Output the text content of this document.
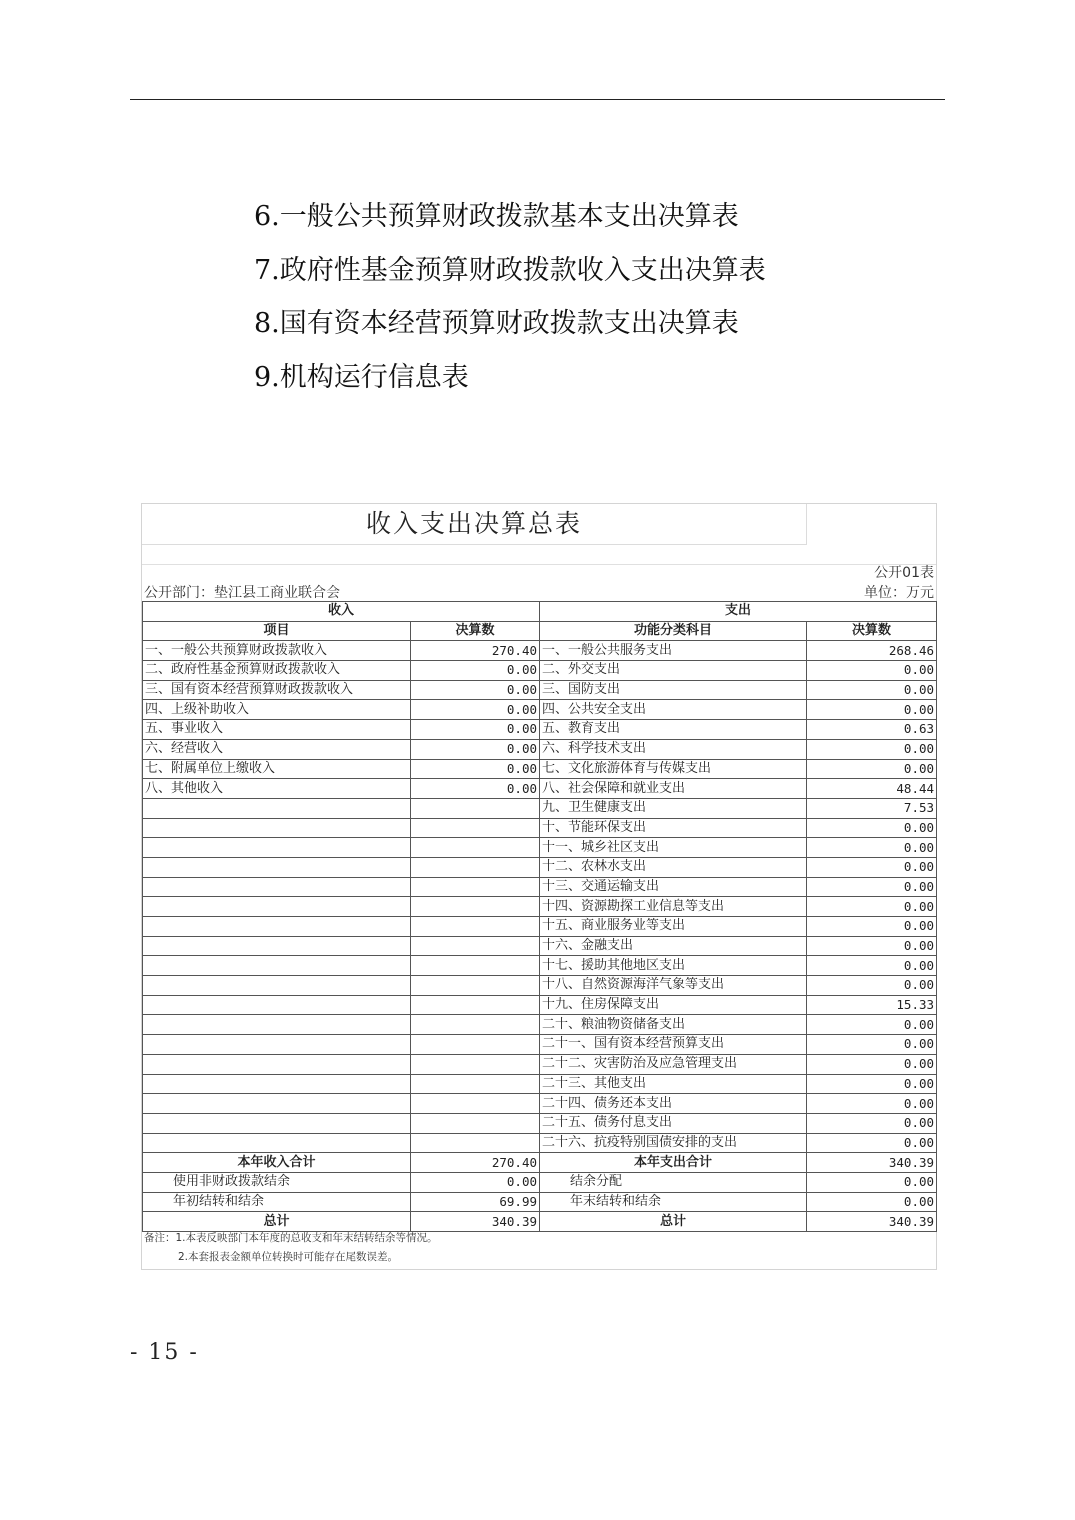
6.一般公共预算财政拨款基本支出决算表
7.政府性基金预算财政拨款收入支出决算表
8.国有资本经营预算财政拨款支出决算表
9.机构运行信息表
收入支出决算总表
公开01表
公开部门：垫江县工商业联合会	单位：万元
收入		支出	
项目	决算数	功能分类科目	决算数
一、一般公共预算财政拨款收入	270.40	一、一般公共服务支出	268.46
二、政府性基金预算财政拨款收入	0.00	二、外交支出	0.00
三、国有资本经营预算财政拨款收入	0.00	三、国防支出	0.00
四、上级补助收入	0.00	四、公共安全支出	0.00
五、事业收入	0.00	五、教育支出	0.63
六、经营收入	0.00	六、科学技术支出	0.00
七、附属单位上缴收入	0.00	七、文化旅游体育与传媒支出	0.00
八、其他收入	0.00	八、社会保障和就业支出	48.44
		九、卫生健康支出	7.53
		十、节能环保支出	0.00
		十一、城乡社区支出	0.00
		十二、农林水支出	0.00
		十三、交通运输支出	0.00
		十四、资源勘探工业信息等支出	0.00
		十五、商业服务业等支出	0.00
		十六、金融支出	0.00
		十七、援助其他地区支出	0.00
		十八、自然资源海洋气象等支出	0.00
		十九、住房保障支出	15.33
		二十、粮油物资储备支出	0.00
		二十一、国有资本经营预算支出	0.00
		二十二、灾害防治及应急管理支出	0.00
		二十三、其他支出	0.00
		二十四、债务还本支出	0.00
		二十五、债务付息支出	0.00
		二十六、抗疫特别国债安排的支出	0.00
本年收入合计	270.40	本年支出合计	340.39
使用非财政拨款结余	0.00	结余分配	0.00
年初结转和结余	69.99	年末结转和结余	0.00
总计	340.39	总计	340.39
备注：1.本表反映部门本年度的总收支和年末结转结余等情况。
2.本套报表金额单位转换时可能存在尾数误差。
- 15 -
